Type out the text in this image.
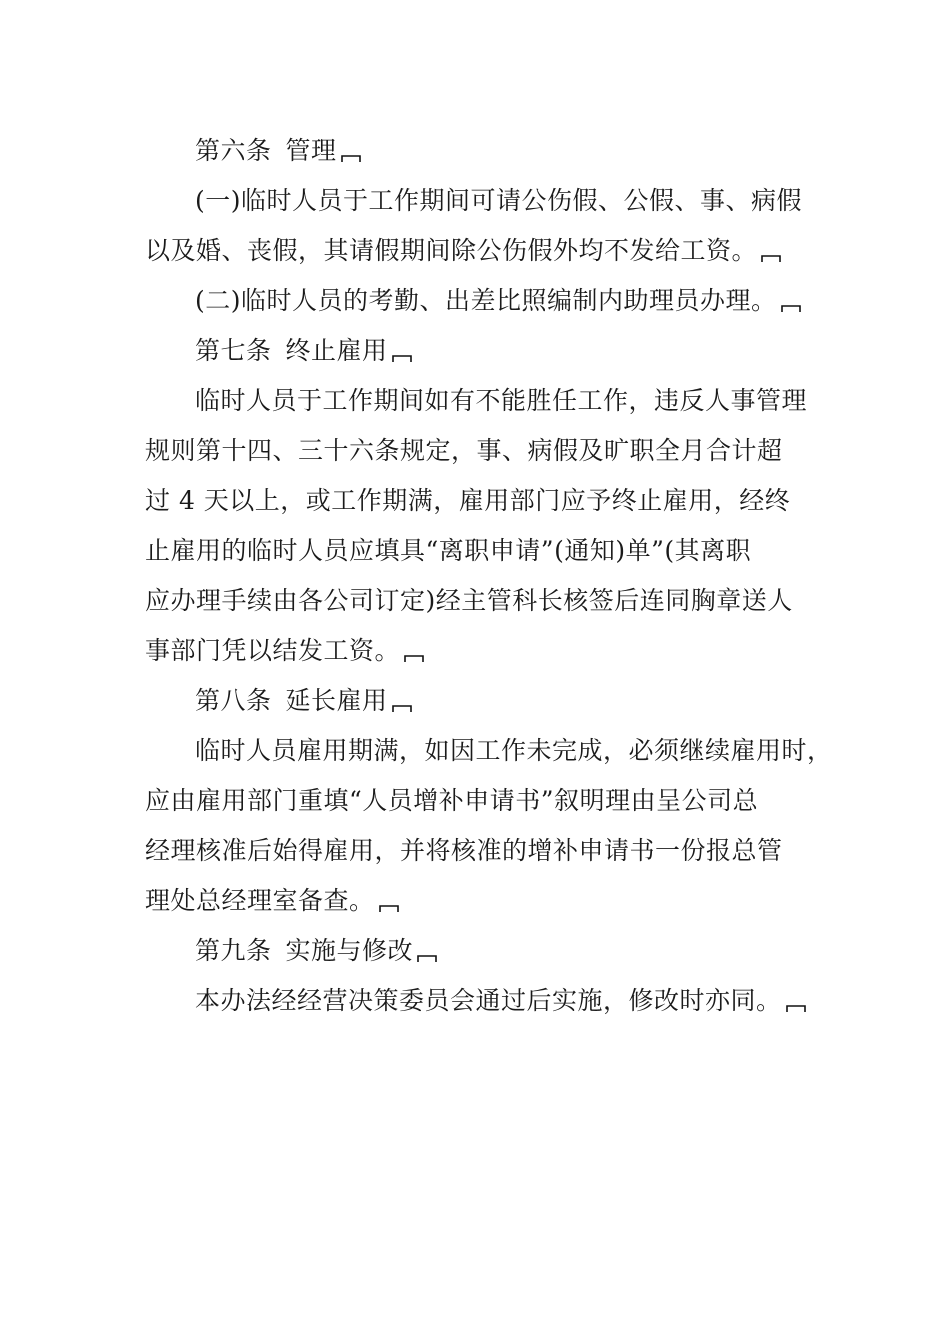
第六条 管理

(一)临时人员于工作期间可请公伤假、公假、事、病假
以及婚、丧假，其请假期间除公伤假外均不发给工资。

(二)临时人员的考勤、出差比照编制内助理员办理。

第七条 终止雇用

临时人员于工作期间如有不能胜任工作，违反人事管理
规则第十四、三十六条规定，事、病假及旷职全月合计超
过 4 天以上，或工作期满，雇用部门应予终止雇用，经终
止雇用的临时人员应填具“离职申请”(通知)单”(其离职
应办理手续由各公司订定)经主管科长核签后连同胸章送人
事部门凭以结发工资。

第八条 延长雇用

临时人员雇用期满，如因工作未完成，必须继续雇用时，
应由雇用部门重填“人员增补申请书”叙明理由呈公司总
经理核准后始得雇用，并将核准的增补申请书一份报总管
理处总经理室备查。

第九条 实施与修改

本办法经经营决策委员会通过后实施，修改时亦同。
